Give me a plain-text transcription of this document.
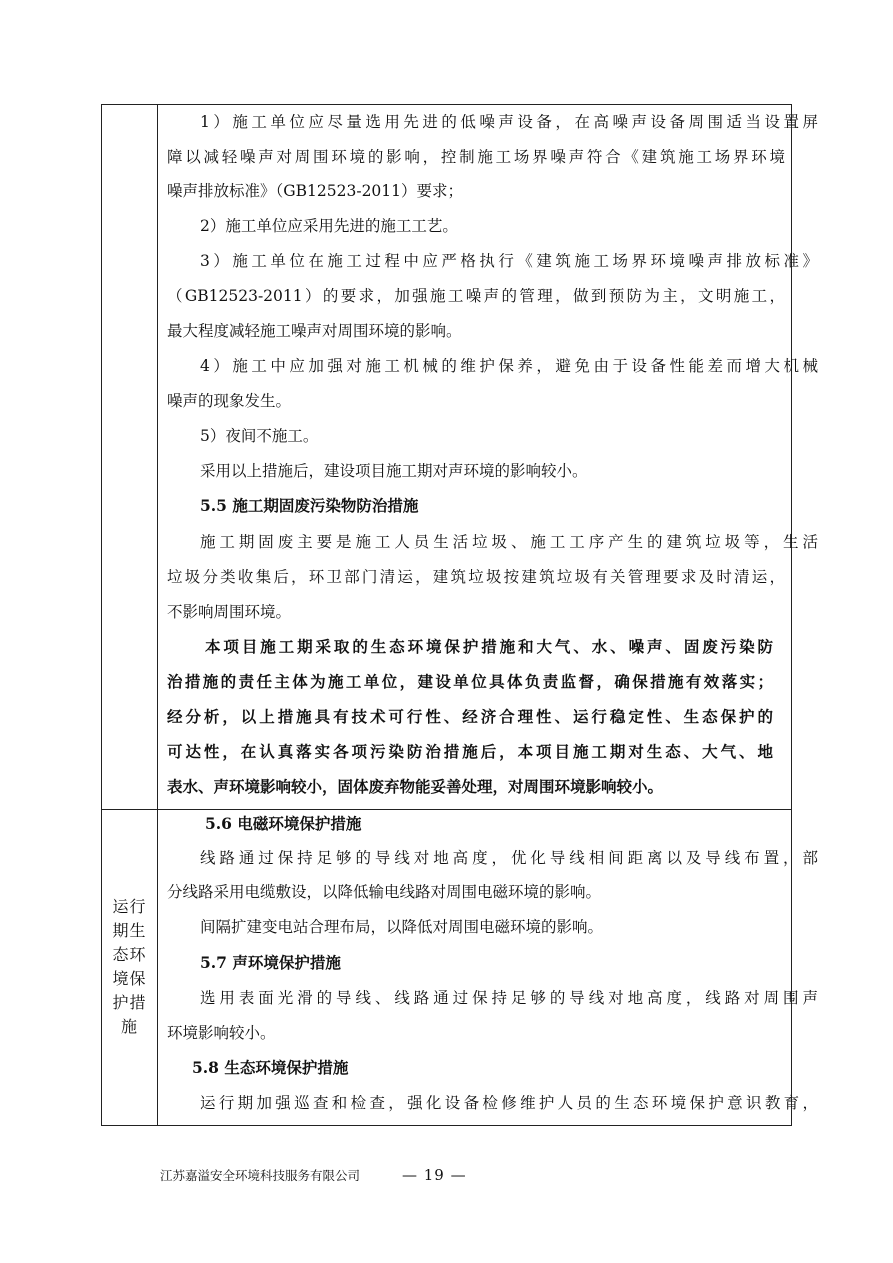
运行期生态环境保护措施
1）施工单位应尽量选用先进的低噪声设备，在高噪声设备周围适当设置屏
障以减轻噪声对周围环境的影响，控制施工场界噪声符合《建筑施工场界环境
噪声排放标准》（GB12523-2011）要求；
2）施工单位应采用先进的施工工艺。
3）施工单位在施工过程中应严格执行《建筑施工场界环境噪声排放标准》
（GB12523-2011）的要求，加强施工噪声的管理，做到预防为主，文明施工，
最大程度减轻施工噪声对周围环境的影响。
4）施工中应加强对施工机械的维护保养，避免由于设备性能差而增大机械
噪声的现象发生。
5）夜间不施工。
采用以上措施后，建设项目施工期对声环境的影响较小。
5.5 施工期固废污染物防治措施
施工期固废主要是施工人员生活垃圾、施工工序产生的建筑垃圾等，生活
垃圾分类收集后，环卫部门清运，建筑垃圾按建筑垃圾有关管理要求及时清运，
不影响周围环境。
本项目施工期采取的生态环境保护措施和大气、水、噪声、固废污染防
治措施的责任主体为施工单位，建设单位具体负责监督，确保措施有效落实；
经分析，以上措施具有技术可行性、经济合理性、运行稳定性、生态保护的
可达性，在认真落实各项污染防治措施后，本项目施工期对生态、大气、地
表水、声环境影响较小，固体废弃物能妥善处理，对周围环境影响较小。
5.6 电磁环境保护措施
线路通过保持足够的导线对地高度，优化导线相间距离以及导线布置，部
分线路采用电缆敷设，以降低输电线路对周围电磁环境的影响。
间隔扩建变电站合理布局，以降低对周围电磁环境的影响。
5.7 声环境保护措施
选用表面光滑的导线、线路通过保持足够的导线对地高度，线路对周围声
环境影响较小。
5.8 生态环境保护措施
运行期加强巡查和检查，强化设备检修维护人员的生态环境保护意识教育，
江苏嘉溢安全环境科技服务有限公司	— 19 —
